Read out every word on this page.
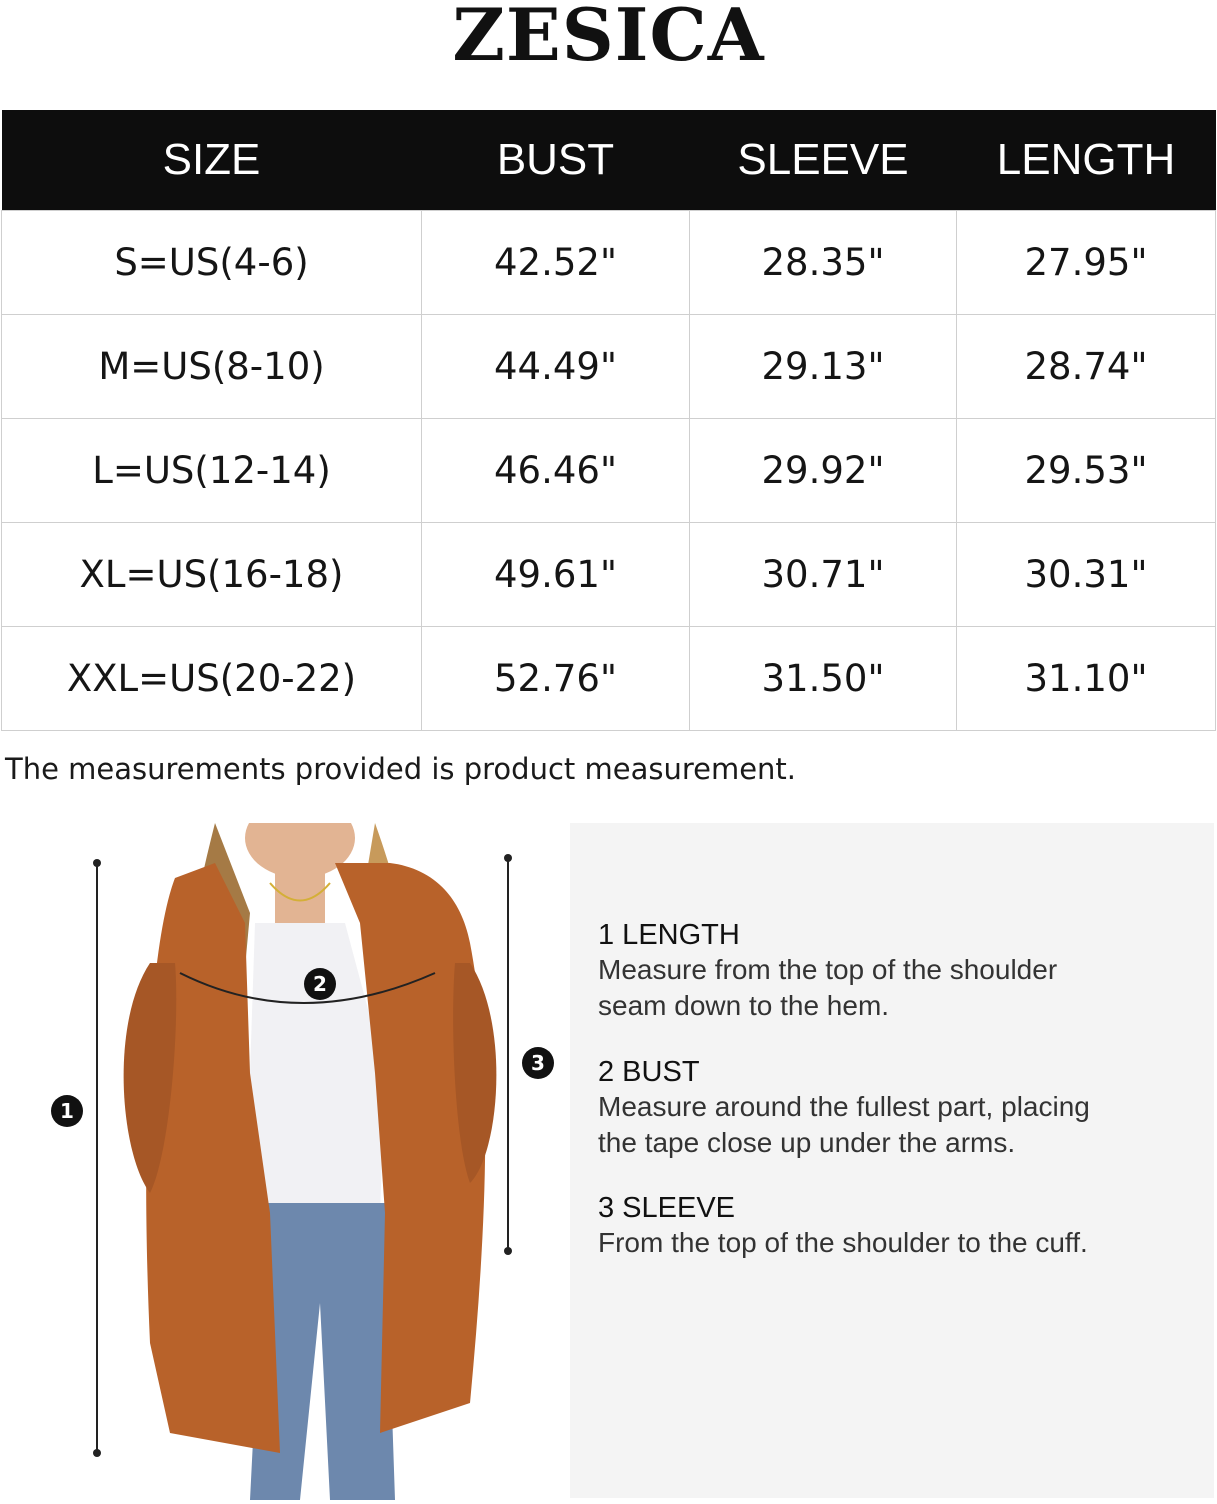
ZESICA
SIZE	BUST	SLEEVE	LENGTH
S=US(4-6)	42.52"	28.35"	27.95"
M=US(8-10)	44.49"	29.13"	28.74"
L=US(12-14)	46.46"	29.92"	29.53"
XL=US(16-18)	49.61"	30.71"	30.31"
XXL=US(20-22)	52.76"	31.50"	31.10"
The measurements provided is product measurement.
1
2
3
1 LENGTH
Measure from the top of the shoulder
seam down to the hem.
2 BUST
Measure around the fullest part, placing
the tape close up under the arms.
3 SLEEVE
From the top of the shoulder to the cuff.
